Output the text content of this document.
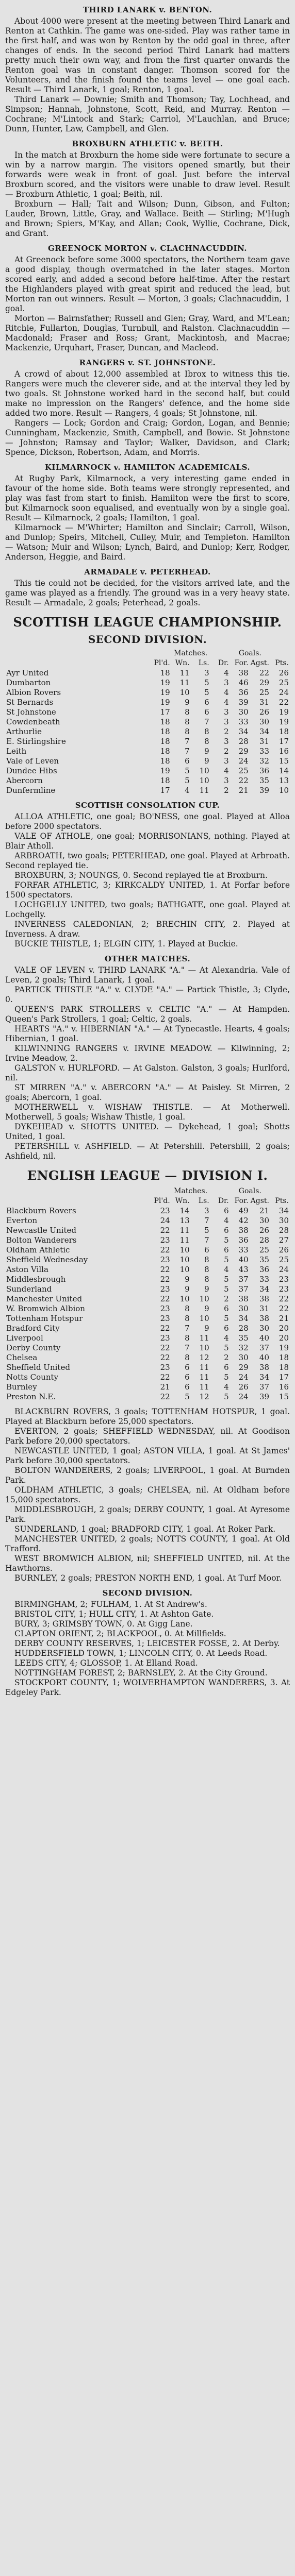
THIRD LANARK v. BENTON.

About 4000 were present at the meeting between Third Lanark and Renton at Cathkin. The game was one-sided. Play was rather tame in the first half, and was won by Renton by the odd goal in three, after changes of ends. In the second period Third Lanark had matters pretty much their own way, and from the first quarter onwards the Renton goal was in constant danger. Thomson scored for the Volunteers, and the finish found the teams level — one goal each. Result — Third Lanark, 1 goal; Renton, 1 goal.

Third Lanark — Downie; Smith and Thomson; Tay, Lochhead, and Simpson; Hannah, Johnstone, Scott, Reid, and Murray. Renton — Cochrane; M'Lintock and Stark; Carriol, M'Lauchlan, and Bruce; Dunn, Hunter, Law, Campbell, and Glen.

BROXBURN ATHLETIC v. BEITH.

In the match at Broxburn the home side were fortunate to secure a win by a narrow margin. The visitors opened smartly, but their forwards were weak in front of goal. Just before the interval Broxburn scored, and the visitors were unable to draw level. Result — Broxburn Athletic, 1 goal; Beith, nil.

Broxburn — Hall; Tait and Wilson; Dunn, Gibson, and Fulton; Lauder, Brown, Little, Gray, and Wallace. Beith — Stirling; M'Hugh and Brown; Spiers, M'Kay, and Allan; Cook, Wyllie, Cochrane, Dick, and Grant.

GREENOCK MORTON v. CLACHNACUDDIN.

At Greenock before some 3000 spectators, the Northern team gave a good display, though overmatched in the later stages. Morton scored early, and added a second before half-time. After the restart the Highlanders played with great spirit and reduced the lead, but Morton ran out winners. Result — Morton, 3 goals; Clachnacuddin, 1 goal.

Morton — Bairnsfather; Russell and Glen; Gray, Ward, and M'Lean; Ritchie, Fullarton, Douglas, Turnbull, and Ralston. Clachnacuddin — Macdonald; Fraser and Ross; Grant, Mackintosh, and Macrae; Mackenzie, Urquhart, Fraser, Duncan, and Macleod.

RANGERS v. ST. JOHNSTONE.

A crowd of about 12,000 assembled at Ibrox to witness this tie. Rangers were much the cleverer side, and at the interval they led by two goals. St Johnstone worked hard in the second half, but could make no impression on the Rangers' defence, and the home side added two more. Result — Rangers, 4 goals; St Johnstone, nil.

Rangers — Lock; Gordon and Craig; Gordon, Logan, and Bennie; Cunningham, Mackenzie, Smith, Campbell, and Bowie. St Johnstone — Johnston; Ramsay and Taylor; Walker, Davidson, and Clark; Spence, Dickson, Robertson, Adam, and Morris.

KILMARNOCK v. HAMILTON ACADEMICALS.

At Rugby Park, Kilmarnock, a very interesting game ended in favour of the home side. Both teams were strongly represented, and play was fast from start to finish. Hamilton were the first to score, but Kilmarnock soon equalised, and eventually won by a single goal. Result — Kilmarnock, 2 goals; Hamilton, 1 goal.

Kilmarnock — M'Whirter; Hamilton and Sinclair; Carroll, Wilson, and Dunlop; Speirs, Mitchell, Culley, Muir, and Templeton. Hamilton — Watson; Muir and Wilson; Lynch, Baird, and Dunlop; Kerr, Rodger, Anderson, Heggie, and Baird.

ARMADALE v. PETERHEAD.

This tie could not be decided, for the visitors arrived late, and the game was played as a friendly. The ground was in a very heavy state. Result — Armadale, 2 goals; Peterhead, 2 goals.

SCOTTISH LEAGUE CHAMPIONSHIP.
SECOND DIVISION.
	Matches.				Goals.		
	Pl'd.	Wn.	Ls.	Dr.	For.	Agst.	Pts.
Ayr United	18	11	3	4	38	22	26
Dumbarton	19	11	5	3	46	29	25
Albion Rovers	19	10	5	4	36	25	24
St Bernards	19	9	6	4	39	31	22
St Johnstone	17	8	6	3	30	26	19
Cowdenbeath	18	8	7	3	33	30	19
Arthurlie	18	8	8	2	34	34	18
E. Stirlingshire	18	7	8	3	28	31	17
Leith	18	7	9	2	29	33	16
Vale of Leven	18	6	9	3	24	32	15
Dundee Hibs	19	5	10	4	25	36	14
Abercorn	18	5	10	3	22	35	13
Dunfermline	17	4	11	2	21	39	10
SCOTTISH CONSOLATION CUP.

ALLOA ATHLETIC, one goal; BO'NESS, one goal. Played at Alloa before 2000 spectators.

VALE OF ATHOLE, one goal; MORRISONIANS, nothing. Played at Blair Atholl.

ARBROATH, two goals; PETERHEAD, one goal. Played at Arbroath. Second replayed tie.

BROXBURN, 3; NOUNGS, 0. Second replayed tie at Broxburn.

FORFAR ATHLETIC, 3; KIRKCALDY UNITED, 1. At Forfar before 1500 spectators.

LOCHGELLY UNITED, two goals; BATHGATE, one goal. Played at Lochgelly.

INVERNESS CALEDONIAN, 2; BRECHIN CITY, 2. Played at Inverness. A draw.

BUCKIE THISTLE, 1; ELGIN CITY, 1. Played at Buckie.

OTHER MATCHES.

VALE OF LEVEN v. THIRD LANARK "A." — At Alexandria. Vale of Leven, 2 goals; Third Lanark, 1 goal.

PARTICK THISTLE "A." v. CLYDE "A." — Partick Thistle, 3; Clyde, 0.

QUEEN'S PARK STROLLERS v. CELTIC "A." — At Hampden. Queen's Park Strollers, 1 goal; Celtic, 2 goals.

HEARTS "A." v. HIBERNIAN "A." — At Tynecastle. Hearts, 4 goals; Hibernian, 1 goal.

KILWINNING RANGERS v. IRVINE MEADOW. — Kilwinning, 2; Irvine Meadow, 2.

GALSTON v. HURLFORD. — At Galston. Galston, 3 goals; Hurlford, nil.

ST MIRREN "A." v. ABERCORN "A." — At Paisley. St Mirren, 2 goals; Abercorn, 1 goal.

MOTHERWELL v. WISHAW THISTLE. — At Motherwell. Motherwell, 5 goals; Wishaw Thistle, 1 goal.

DYKEHEAD v. SHOTTS UNITED. — Dykehead, 1 goal; Shotts United, 1 goal.

PETERSHILL v. ASHFIELD. — At Petershill. Petershill, 2 goals; Ashfield, nil.

ENGLISH LEAGUE — DIVISION I.
	Matches.				Goals.		
	Pl'd.	Wn.	Ls.	Dr.	For.	Agst.	Pts.
Blackburn Rovers	23	14	3	6	49	21	34
Everton	24	13	7	4	42	30	30
Newcastle United	22	11	5	6	38	26	28
Bolton Wanderers	23	11	7	5	36	28	27
Oldham Athletic	22	10	6	6	33	25	26
Sheffield Wednesday	23	10	8	5	40	35	25
Aston Villa	22	10	8	4	43	36	24
Middlesbrough	22	9	8	5	37	33	23
Sunderland	23	9	9	5	37	34	23
Manchester United	22	10	10	2	38	38	22
W. Bromwich Albion	23	8	9	6	30	31	22
Tottenham Hotspur	23	8	10	5	34	38	21
Bradford City	22	7	9	6	28	30	20
Liverpool	23	8	11	4	35	40	20
Derby County	22	7	10	5	32	37	19
Chelsea	22	8	12	2	30	40	18
Sheffield United	23	6	11	6	29	38	18
Notts County	22	6	11	5	24	34	17
Burnley	21	6	11	4	26	37	16
Preston N.E.	22	5	12	5	24	39	15

BLACKBURN ROVERS, 3 goals; TOTTENHAM HOTSPUR, 1 goal. Played at Blackburn before 25,000 spectators.

EVERTON, 2 goals; SHEFFIELD WEDNESDAY, nil. At Goodison Park before 20,000 spectators.

NEWCASTLE UNITED, 1 goal; ASTON VILLA, 1 goal. At St James' Park before 30,000 spectators.

BOLTON WANDERERS, 2 goals; LIVERPOOL, 1 goal. At Burnden Park.

OLDHAM ATHLETIC, 3 goals; CHELSEA, nil. At Oldham before 15,000 spectators.

MIDDLESBROUGH, 2 goals; DERBY COUNTY, 1 goal. At Ayresome Park.

SUNDERLAND, 1 goal; BRADFORD CITY, 1 goal. At Roker Park.

MANCHESTER UNITED, 2 goals; NOTTS COUNTY, 1 goal. At Old Trafford.

WEST BROMWICH ALBION, nil; SHEFFIELD UNITED, nil. At the Hawthorns.

BURNLEY, 2 goals; PRESTON NORTH END, 1 goal. At Turf Moor.

SECOND DIVISION.

BIRMINGHAM, 2; FULHAM, 1. At St Andrew's.

BRISTOL CITY, 1; HULL CITY, 1. At Ashton Gate.

BURY, 3; GRIMSBY TOWN, 0. At Gigg Lane.

CLAPTON ORIENT, 2; BLACKPOOL, 0. At Millfields.

DERBY COUNTY RESERVES, 1; LEICESTER FOSSE, 2. At Derby.

HUDDERSFIELD TOWN, 1; LINCOLN CITY, 0. At Leeds Road.

LEEDS CITY, 4; GLOSSOP, 1. At Elland Road.

NOTTINGHAM FOREST, 2; BARNSLEY, 2. At the City Ground.

STOCKPORT COUNTY, 1; WOLVERHAMPTON WANDERERS, 3. At Edgeley Park.
